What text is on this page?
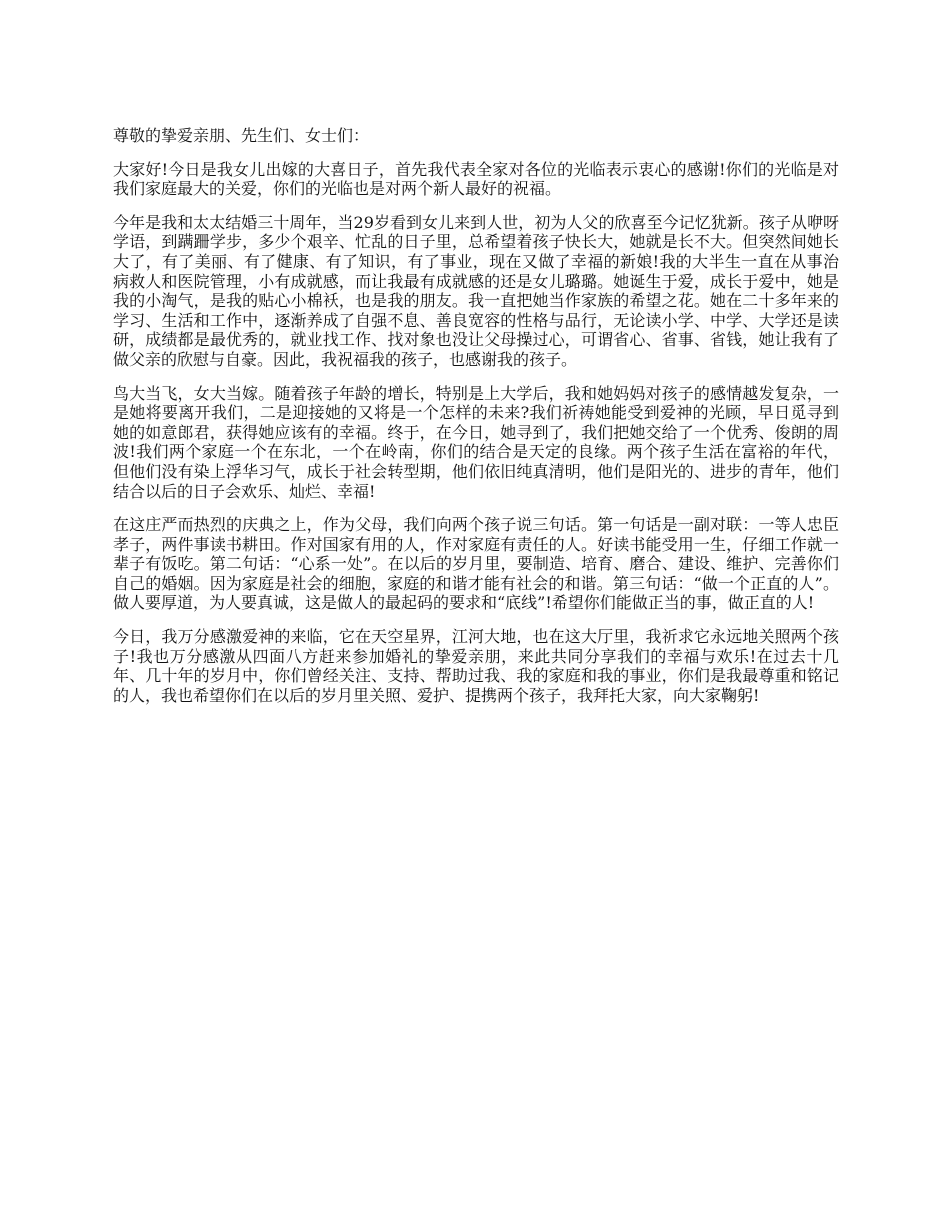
尊敬的挚爱亲朋、先生们、女士们：

大家好!今日是我女儿出嫁的大喜日子，首先我代表全家对各位的光临表示衷心的感谢!你们的光临是对我们家庭最大的关爱，你们的光临也是对两个新人最好的祝福。

今年是我和太太结婚三十周年，当29岁看到女儿来到人世，初为人父的欣喜至今记忆犹新。孩子从咿呀学语，到蹒跚学步，多少个艰辛、忙乱的日子里，总希望着孩子快长大，她就是长不大。但突然间她长大了，有了美丽、有了健康、有了知识，有了事业，现在又做了幸福的新娘!我的大半生一直在从事治病救人和医院管理，小有成就感，而让我最有成就感的还是女儿璐璐。她诞生于爱，成长于爱中，她是我的小淘气，是我的贴心小棉袄，也是我的朋友。我一直把她当作家族的希望之花。她在二十多年来的学习、生活和工作中，逐渐养成了自强不息、善良宽容的性格与品行，无论读小学、中学、大学还是读研，成绩都是最优秀的，就业找工作、找对象也没让父母操过心，可谓省心、省事、省钱，她让我有了做父亲的欣慰与自豪。因此，我祝福我的孩子，也感谢我的孩子。

鸟大当飞，女大当嫁。随着孩子年龄的增长，特别是上大学后，我和她妈妈对孩子的感情越发复杂，一是她将要离开我们，二是迎接她的又将是一个怎样的未来?我们祈祷她能受到爱神的光顾，早日觅寻到她的如意郎君，获得她应该有的幸福。终于，在今日，她寻到了，我们把她交给了一个优秀、俊朗的周波!我们两个家庭一个在东北，一个在岭南，你们的结合是天定的良缘。两个孩子生活在富裕的年代，但他们没有染上浮华习气，成长于社会转型期，他们依旧纯真清明，他们是阳光的、进步的青年，他们结合以后的日子会欢乐、灿烂、幸福!

在这庄严而热烈的庆典之上，作为父母，我们向两个孩子说三句话。第一句话是一副对联：一等人忠臣孝子，两件事读书耕田。作对国家有用的人，作对家庭有责任的人。好读书能受用一生，仔细工作就一辈子有饭吃。第二句话：“心系一处”。在以后的岁月里，要制造、培育、磨合、建设、维护、完善你们自己的婚姻。因为家庭是社会的细胞，家庭的和谐才能有社会的和谐。第三句话：“做一个正直的人”。做人要厚道，为人要真诚，这是做人的最起码的要求和“底线”!希望你们能做正当的事，做正直的人!

今日，我万分感激爱神的来临，它在天空星界，江河大地，也在这大厅里，我祈求它永远地关照两个孩子!我也万分感激从四面八方赶来参加婚礼的挚爱亲朋，来此共同分享我们的幸福与欢乐!在过去十几年、几十年的岁月中，你们曾经关注、支持、帮助过我、我的家庭和我的事业，你们是我最尊重和铭记的人，我也希望你们在以后的岁月里关照、爱护、提携两个孩子，我拜托大家，向大家鞠躬!
